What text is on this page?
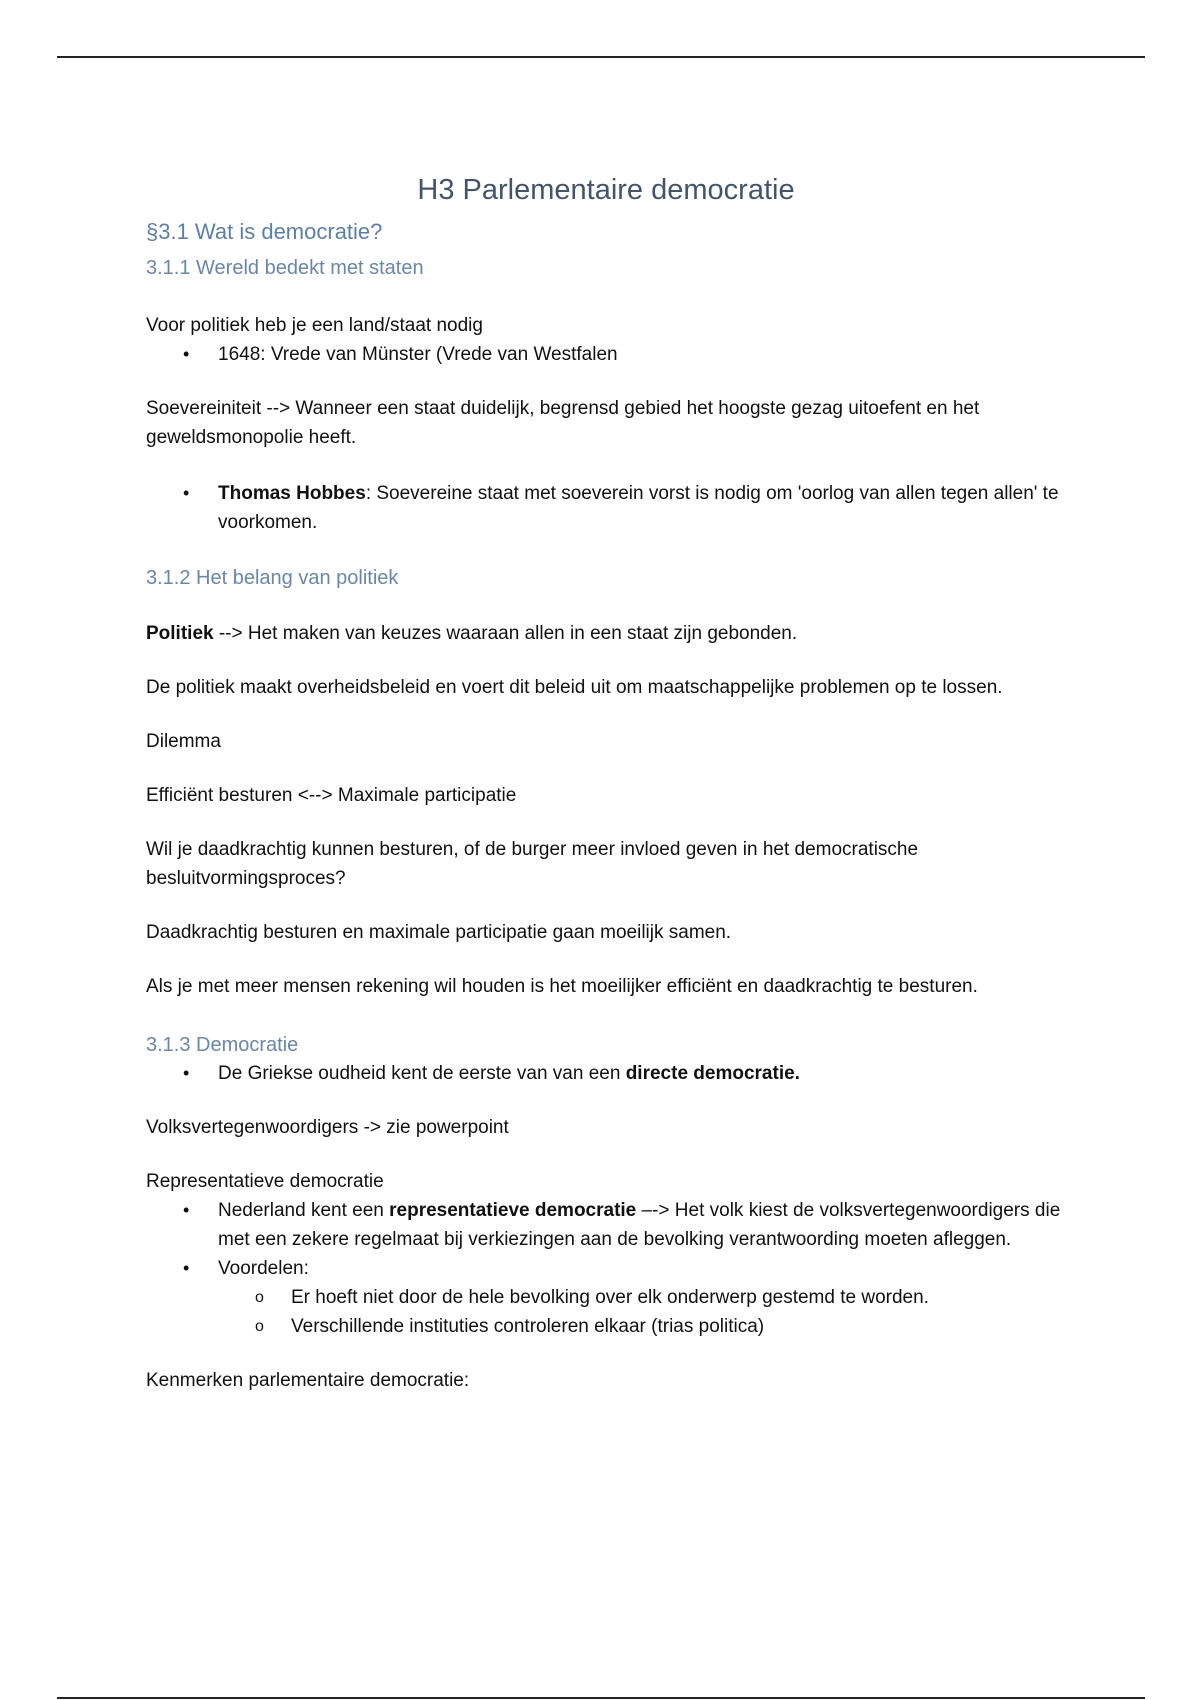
H3 Parlementaire democratie
§3.1 Wat is democratie?
3.1.1 Wereld bedekt met staten

Voor politiek heb je een land/staat nodig

• 1648: Vrede van Münster (Vrede van Westfalen

Soevereiniteit --> Wanneer een staat duidelijk, begrensd gebied het hoogste gezag uitoefent en het geweldsmonopolie heeft.

• Thomas Hobbes: Soevereine staat met soeverein vorst is nodig om 'oorlog van allen tegen allen' te voorkomen.
3.1.2 Het belang van politiek

Politiek --> Het maken van keuzes waaraan allen in een staat zijn gebonden.

De politiek maakt overheidsbeleid en voert dit beleid uit om maatschappelijke problemen op te lossen.

Dilemma

Efficiënt besturen <--> Maximale participatie

Wil je daadkrachtig kunnen besturen, of de burger meer invloed geven in het democratische besluitvormingsproces?

Daadkrachtig besturen en maximale participatie gaan moeilijk samen.

Als je met meer mensen rekening wil houden is het moeilijker efficiënt en daadkrachtig te besturen.

3.1.3 Democratie
• De Griekse oudheid kent de eerste van van een directe democratie.

Volksvertegenwoordigers -> zie powerpoint

Representatieve democratie

• Nederland kent een representatieve democratie –-> Het volk kiest de volksvertegenwoordigers die met een zekere regelmaat bij verkiezingen aan de bevolking verantwoording moeten afleggen.
• Voordelen:
o Er hoeft niet door de hele bevolking over elk onderwerp gestemd te worden.
o Verschillende instituties controleren elkaar (trias politica)

Kenmerken parlementaire democratie:
